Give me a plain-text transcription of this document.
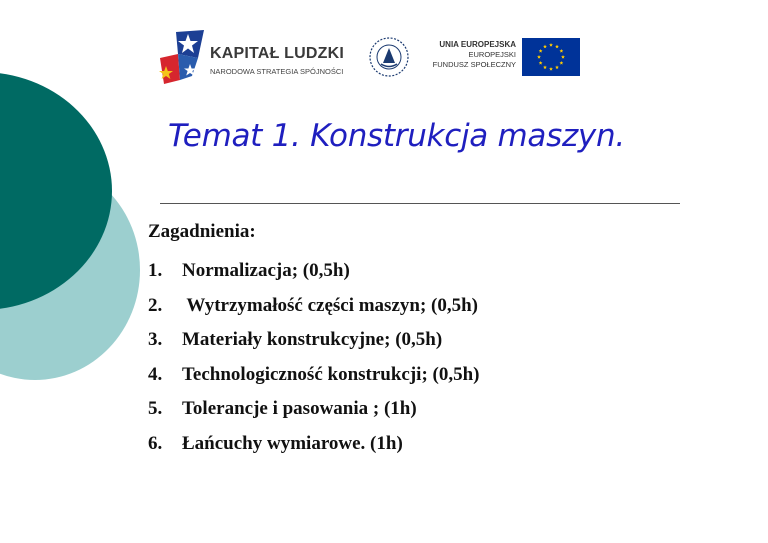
KAPITAŁ LUDZKI
NARODOWA STRATEGIA SPÓJNOŚCI
UNIA EUROPEJSKA
EUROPEJSKI
FUNDUSZ SPOŁECZNY
Temat 1. Konstrukcja maszyn.
Zagadnienia:
1. Normalizacja; (0,5h)
2. Wytrzymałość części maszyn; (0,5h)
3. Materiały konstrukcyjne; (0,5h)
4. Technologiczność konstrukcji; (0,5h)
5. Tolerancje i pasowania ; (1h)
6. Łańcuchy wymiarowe. (1h)
